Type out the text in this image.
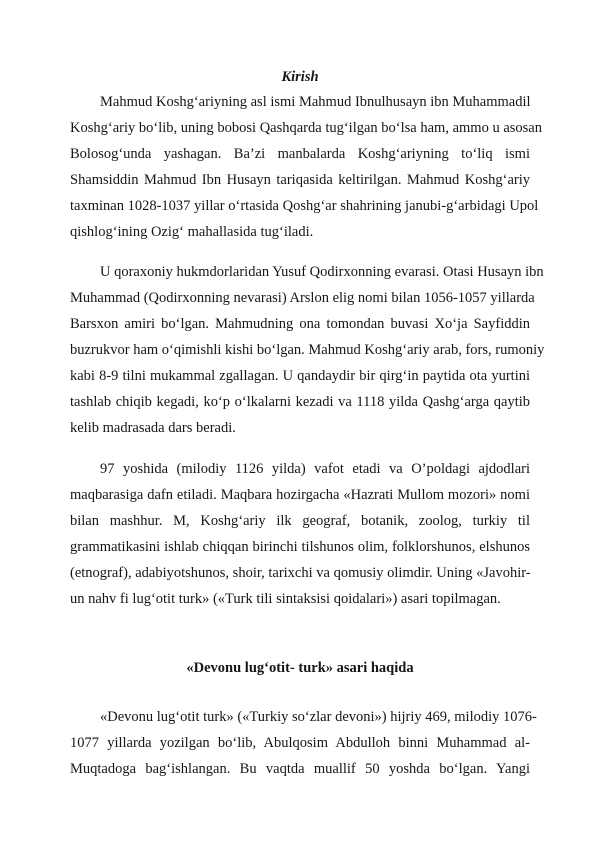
Kirish
Mahmud Koshg‘ariyning asl ismi Mahmud Ibnulhusayn ibn Muhammadil
Koshg‘ariy bo‘lib, uning bobosi Qashqarda tug‘ilgan bo‘lsa ham, ammo u asosan
Bolosog‘unda yashagan. Ba’zi manbalarda Koshg‘ariyning to‘liq ismi
Shamsiddin Mahmud Ibn Husayn tariqasida keltirilgan. Mahmud Koshg‘ariy
taxminan 1028-1037 yillar o‘rtasida Qoshg‘ar shahrining janubi-g‘arbidagi Upol
qishlog‘ining Ozig‘ mahallasida tug‘iladi.
U qoraxoniy hukmdorlaridan Yusuf Qodirxonning evarasi. Otasi Husayn ibn
Muhammad (Qodirxonning nevarasi) Arslon elig nomi bilan 1056-1057 yillarda
Barsxon amiri bo‘lgan. Mahmudning ona tomondan buvasi Xo‘ja Sayfiddin
buzrukvor ham o‘qimishli kishi bo‘lgan. Mahmud Koshg‘ariy arab, fors, rumoniy
kabi 8-9 tilni mukammal zgallagan. U qandaydir bir qirg‘in paytida ota yurtini
tashlab chiqib kegadi, ko‘p o‘lkalarni kezadi va 1118 yilda Qashg‘arga qaytib
kelib madrasada dars beradi.
97 yoshida (milodiy 1126 yilda) vafot etadi va O’poldagi ajdodlari
maqbarasiga dafn etiladi. Maqbara hozirgacha «Hazrati Mullom mozori» nomi
bilan mashhur. M, Koshg‘ariy ilk geograf, botanik, zoolog, turkiy til
grammatikasini ishlab chiqqan birinchi tilshunos olim, folklorshunos, elshunos
(etnograf), adabiyotshunos, shoir, tarixchi va qomusiy olimdir. Uning «Javohir-
un nahv fi lug‘otit turk» («Turk tili sintaksisi qoidalari») asari topilmagan.
«Devonu lug‘otit- turk» asari haqida
«Devonu lug‘otit turk» («Turkiy so‘zlar devoni») hijriy 469, milodiy 1076-
1077 yillarda yozilgan bo‘lib, Abulqosim Abdulloh binni Muhammad al-
Muqtadoga bag‘ishlangan. Bu vaqtda muallif 50 yoshda bo‘lgan. Yangi
